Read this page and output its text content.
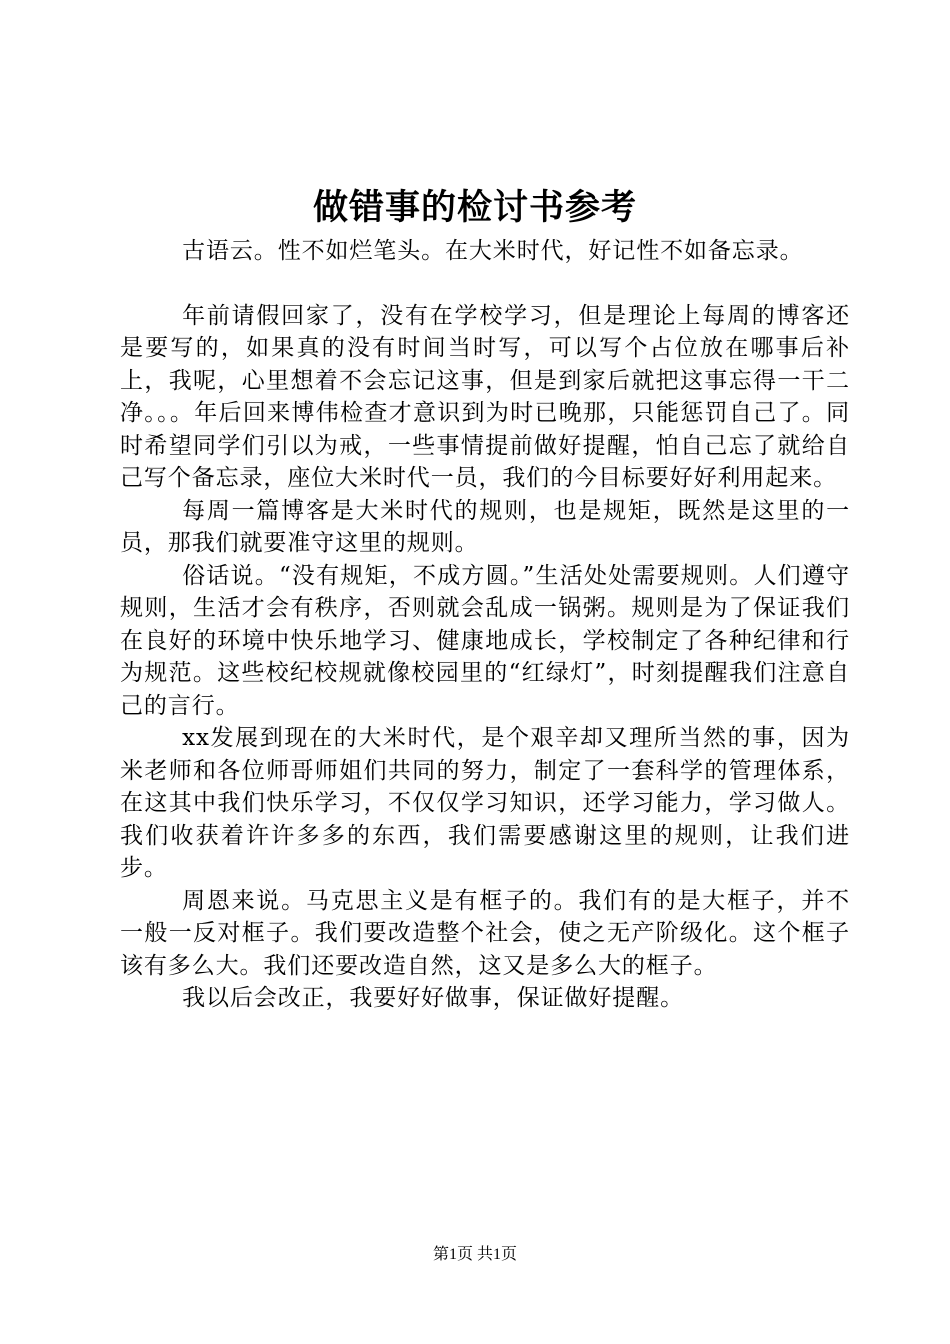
做错事的检讨书参考

古语云。性不如烂笔头。在大米时代，好记性不如备忘录。

年前请假回家了，没有在学校学习，但是理论上每周的博客还是要写的，如果真的没有时间当时写，可以写个占位放在哪事后补上，我呢，心里想着不会忘记这事，但是到家后就把这事忘得一干二净。。。年后回来博伟检查才意识到为时已晚那，只能惩罚自己了。同时希望同学们引以为戒，一些事情提前做好提醒，怕自己忘了就给自己写个备忘录，座位大米时代一员，我们的今目标要好好利用起来。

每周一篇博客是大米时代的规则，也是规矩，既然是这里的一员，那我们就要准守这里的规则。

俗话说。“没有规矩，不成方圆。”生活处处需要规则。人们遵守规则，生活才会有秩序，否则就会乱成一锅粥。规则是为了保证我们在良好的环境中快乐地学习、健康地成长，学校制定了各种纪律和行为规范。这些校纪校规就像校园里的“红绿灯”，时刻提醒我们注意自己的言行。

xx发展到现在的大米时代，是个艰辛却又理所当然的事，因为米老师和各位师哥师姐们共同的努力，制定了一套科学的管理体系，在这其中我们快乐学习，不仅仅学习知识，还学习能力，学习做人。我们收获着许许多多的东西，我们需要感谢这里的规则，让我们进步。

周恩来说。马克思主义是有框子的。我们有的是大框子，并不一般一反对框子。我们要改造整个社会，使之无产阶级化。这个框子该有多么大。我们还要改造自然，这又是多么大的框子。

我以后会改正，我要好好做事，保证做好提醒。

第1页 共1页
